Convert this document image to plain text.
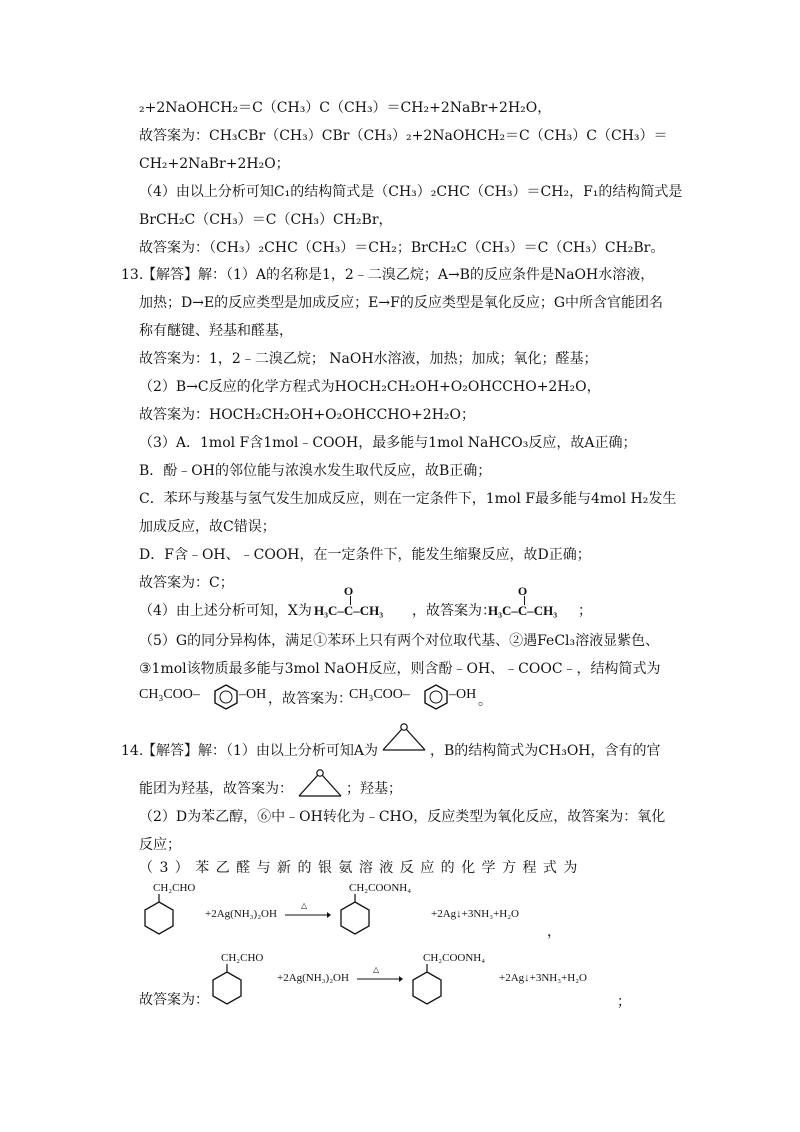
₂+2NaOHCH₂＝C（CH₃）C（CH₃）＝CH₂+2NaBr+2H₂O，
故答案为：CH₃CBr（CH₃）CBr（CH₃）₂+2NaOHCH₂＝C（CH₃）C（CH₃）＝
CH₂+2NaBr+2H₂O；
（4）由以上分析可知C₁的结构简式是（CH₃）₂CHC（CH₃）＝CH₂，F₁的结构简式是
BrCH₂C（CH₃）＝C（CH₃）CH₂Br，
故答案为：（CH₃）₂CHC（CH₃）＝CH₂；BrCH₂C（CH₃）＝C（CH₃）CH₂Br。
13.
【解答】解：（1）A的名称是1，2﹣二溴乙烷；A→B的反应条件是NaOH水溶液，
加热；D→E的反应类型是加成反应；E→F的反应类型是氧化反应；G中所含官能团名
称有醚键、羟基和醛基，
故答案为：1，2﹣二溴乙烷； NaOH水溶液，加热；加成；氧化；醛基；
（2）B→C反应的化学方程式为HOCH₂CH₂OH+O₂OHCCHO+2H₂O，
故答案为：HOCH₂CH₂OH+O₂OHCCHO+2H₂O；
（3）A．1mol F含1mol﹣COOH，最多能与1mol NaHCO₃反应，故A正确；
B．酚﹣OH的邻位能与浓溴水发生取代反应，故B正确；
C．苯环与羧基与氢气发生加成反应，则在一定条件下，1mol F最多能与4mol H₂发生
加成反应，故C错误；
D．F含﹣OH、﹣COOH，在一定条件下，能发生缩聚反应，故D正确；
故答案为：C；
（4）由上述分析可知，X为
O
H₃C–C–CH₃ ，故答案为：
O
H₃C–C–CH₃ ；
（5）G的同分异构体，满足①苯环上只有两个对位取代基、②遇FeCl₃溶液显紫色、
③1mol该物质最多能与3mol NaOH反应，则含酚﹣OH、﹣COOC﹣，结构简式为
CH₃COO–	–OH ，故答案为：
CH₃COO–	–OH 。
14.
【解答】解：（1）由以上分析可知A为	，B的结构简式为CH₃OH，含有的官
能团为羟基，故答案为：	；羟基；
（2）D为苯乙醇，⑥中﹣OH转化为﹣CHO，反应类型为氧化反应，故答案为：氧化
反应；
（ 3 ） 苯 乙 醛 与 新 的 银 氨 溶 液 反 应 的 化 学 方 程 式 为
CH₂CHO
+2Ag(NH₃)₂OH
△
CH₂COONH₄
+2Ag↓+3NH₃+H₂O
，
故答案为：
CH₂CHO
+2Ag(NH₃)₂OH
△
CH₂COONH₄
+2Ag↓+3NH₃+H₂O
；
